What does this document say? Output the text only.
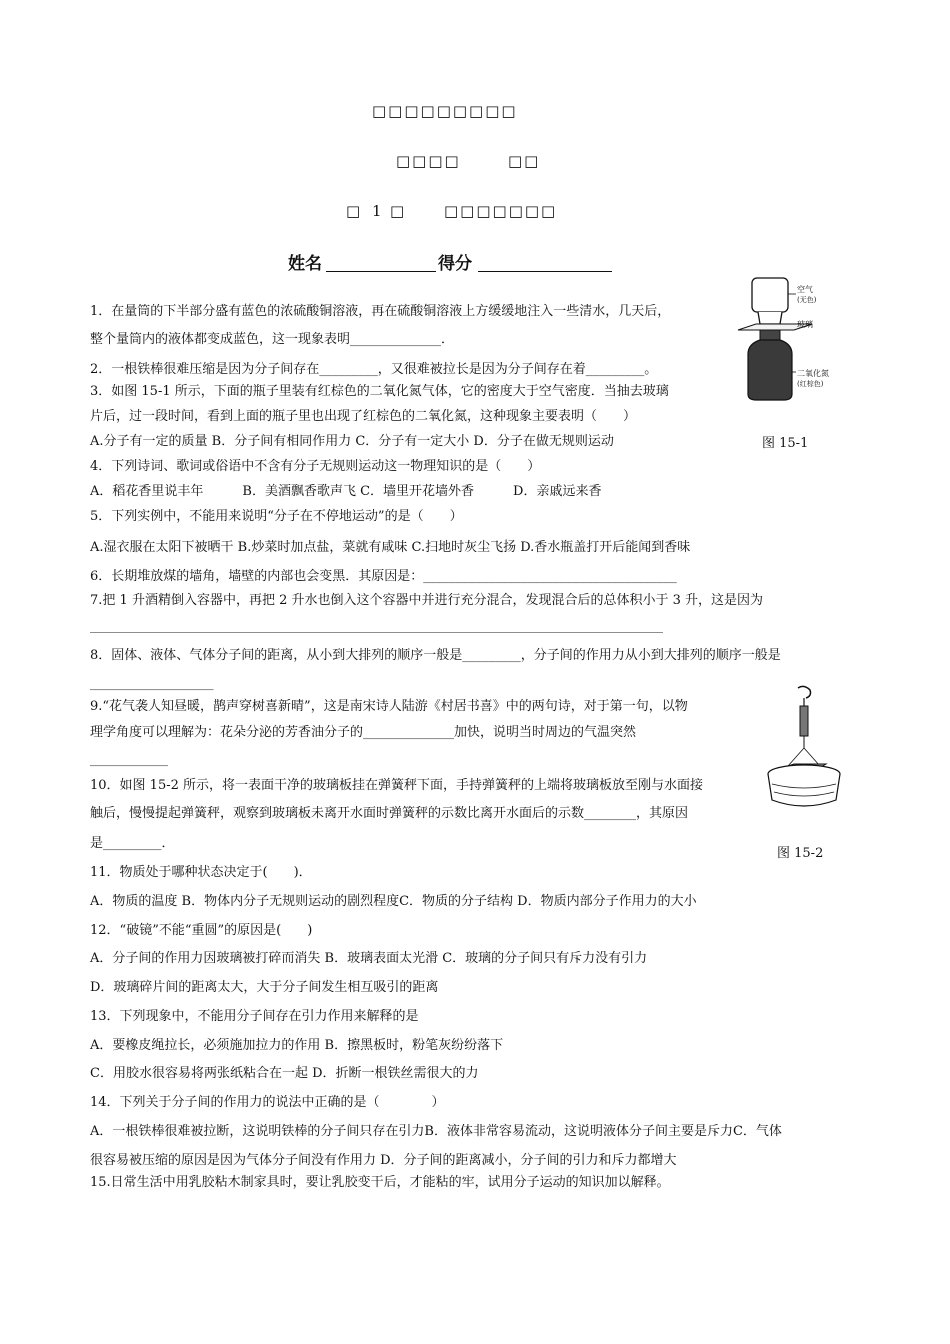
□□□□□□□□□
□□□□	□□
□ 1 □	□□□□□□□
姓名	得分
1．在量筒的下半部分盛有蓝色的浓硫酸铜溶液，再在硫酸铜溶液上方缓缓地注入一些清水，几天后，
整个量筒内的液体都变成蓝色，这一现象表明______________．
2．一根铁棒很难压缩是因为分子间存在_________，又很难被拉长是因为分子间存在着_________。
3．如图 15-1 所示，下面的瓶子里装有红棕色的二氧化氮气体，它的密度大于空气密度．当抽去玻璃
片后，过一段时间，看到上面的瓶子里也出现了红棕色的二氧化氮，这种现象主要表明（　　）
A.分子有一定的质量 B．分子间有相同作用力 C．分子有一定大小 D．分子在做无规则运动
4．下列诗词、歌词或俗语中不含有分子无规则运动这一物理知识的是（　　）
A．稻花香里说丰年　　　B．美酒飘香歌声飞 C．墙里开花墙外香　　　D．亲戚远来香
5．下列实例中，不能用来说明“分子在不停地运动”的是（　　）
A.湿衣服在太阳下被晒干 B.炒菜时加点盐，菜就有咸味 C.扫地时灰尘飞扬 D.香水瓶盖打开后能闻到香味
6．长期堆放煤的墙角，墙壁的内部也会变黑．其原因是：_______________________________________
7.把 1 升酒精倒入容器中，再把 2 升水也倒入这个容器中并进行充分混合，发现混合后的总体积小于 3 升，这是因为
__________________________________________________________________________________________________________
8．固体、液体、气体分子间的距离，从小到大排列的顺序一般是_________，分子间的作用力从小到大排列的顺序一般是
___________________
9.“花气袭人知昼暖，鹊声穿树喜新晴”，这是南宋诗人陆游《村居书喜》中的两句诗，对于第一句，以物
理学角度可以理解为：花朵分泌的芳香油分子的______________加快，说明当时周边的气温突然
____________
10．如图 15-2 所示，将一表面干净的玻璃板挂在弹簧秤下面，手持弹簧秤的上端将玻璃板放至刚与水面接
触后，慢慢提起弹簧秤，观察到玻璃板未离开水面时弹簧秤的示数比离开水面后的示数________，其原因
是_________．
11．物质处于哪种状态决定于(　　)．
A．物质的温度 B．物体内分子无规则运动的剧烈程度C．物质的分子结构 D．物质内部分子作用力的大小
12．“破镜”不能“重圆”的原因是(　　)
A．分子间的作用力因玻璃被打碎而消失 B．玻璃表面太光滑 C．玻璃的分子间只有斥力没有引力
D．玻璃碎片间的距离太大，大于分子间发生相互吸引的距离
13．下列现象中，不能用分子间存在引力作用来解释的是
A．要橡皮绳拉长，必须施加拉力的作用 B．擦黑板时，粉笔灰纷纷落下
C．用胶水很容易将两张纸粘合在一起 D．折断一根铁丝需很大的力
14．下列关于分子间的作用力的说法中正确的是（　　　　）
A．一根铁棒很难被拉断，这说明铁棒的分子间只存在引力B．液体非常容易流动，这说明液体分子间主要是斥力C．气体
很容易被压缩的原因是因为气体分子间没有作用力 D．分子间的距离减小，分子间的引力和斥力都增大
15.日常生活中用乳胶粘木制家具时，要让乳胶变干后，才能粘的牢，试用分子运动的知识加以解释。
空气
(无色)
玻璃
二氧化氮
(红棕色)
图 15-1
图 15-2
